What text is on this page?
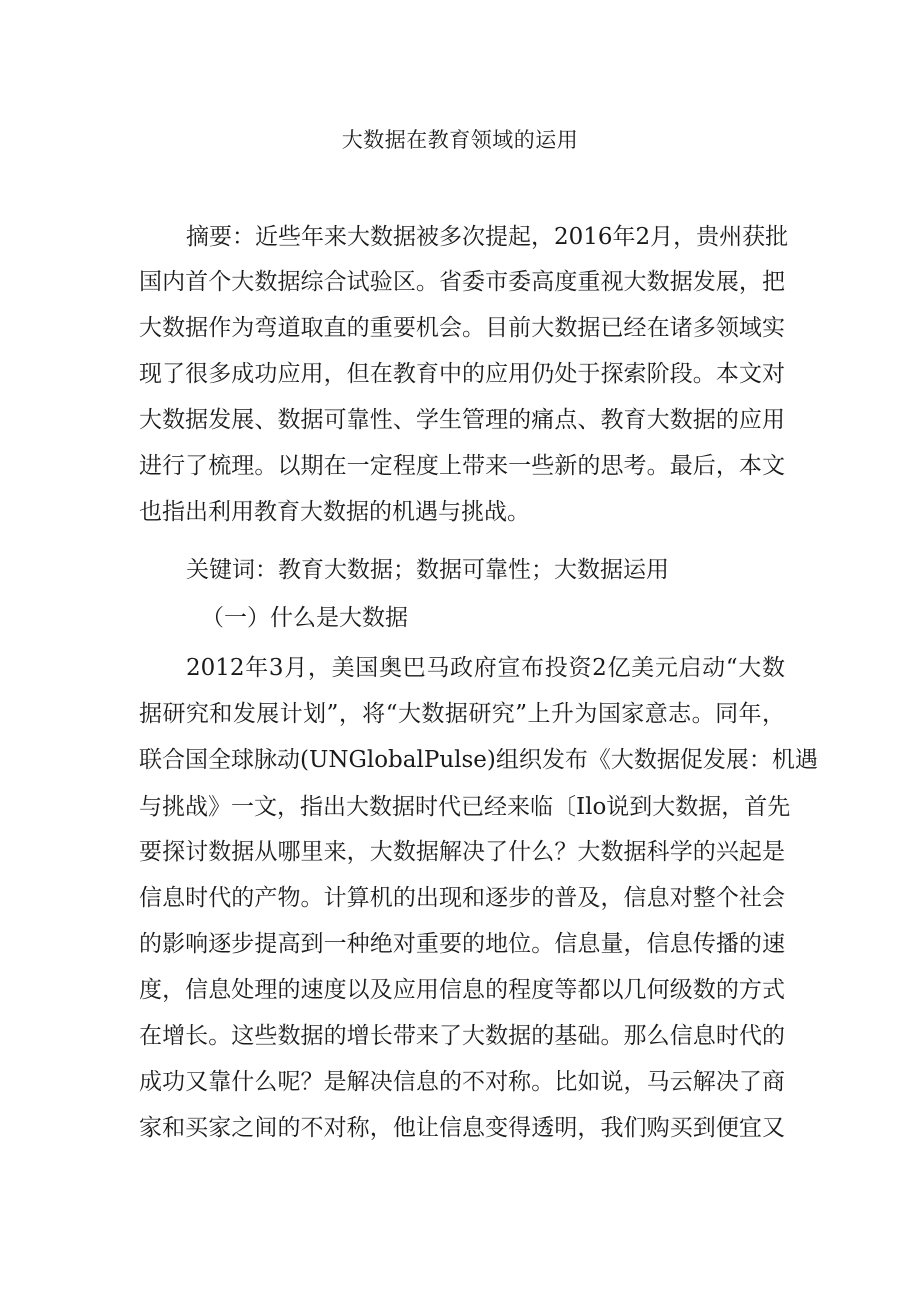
大数据在教育领域的运用
摘要：近些年来大数据被多次提起，2016年2月，贵州获批
国内首个大数据综合试验区。省委市委高度重视大数据发展，把
大数据作为弯道取直的重要机会。目前大数据已经在诸多领域实
现了很多成功应用，但在教育中的应用仍处于探索阶段。本文对
大数据发展、数据可靠性、学生管理的痛点、教育大数据的应用
进行了梳理。以期在一定程度上带来一些新的思考。最后，本文
也指出利用教育大数据的机遇与挑战。
关键词：教育大数据；数据可靠性；大数据运用
（一）什么是大数据
2012年3月，美国奥巴马政府宣布投资2亿美元启动“大数
据研究和发展计划”，将“大数据研究”上升为国家意志。同年，
联合国全球脉动(UNGlobalPulse)组织发布《大数据促发展：机遇
与挑战》一文，指出大数据时代已经来临〔Ilo说到大数据，首先
要探讨数据从哪里来，大数据解决了什么？大数据科学的兴起是
信息时代的产物。计算机的出现和逐步的普及，信息对整个社会
的影响逐步提高到一种绝对重要的地位。信息量，信息传播的速
度，信息处理的速度以及应用信息的程度等都以几何级数的方式
在增长。这些数据的增长带来了大数据的基础。那么信息时代的
成功又靠什么呢？是解决信息的不对称。比如说，马云解决了商
家和买家之间的不对称，他让信息变得透明，我们购买到便宜又
